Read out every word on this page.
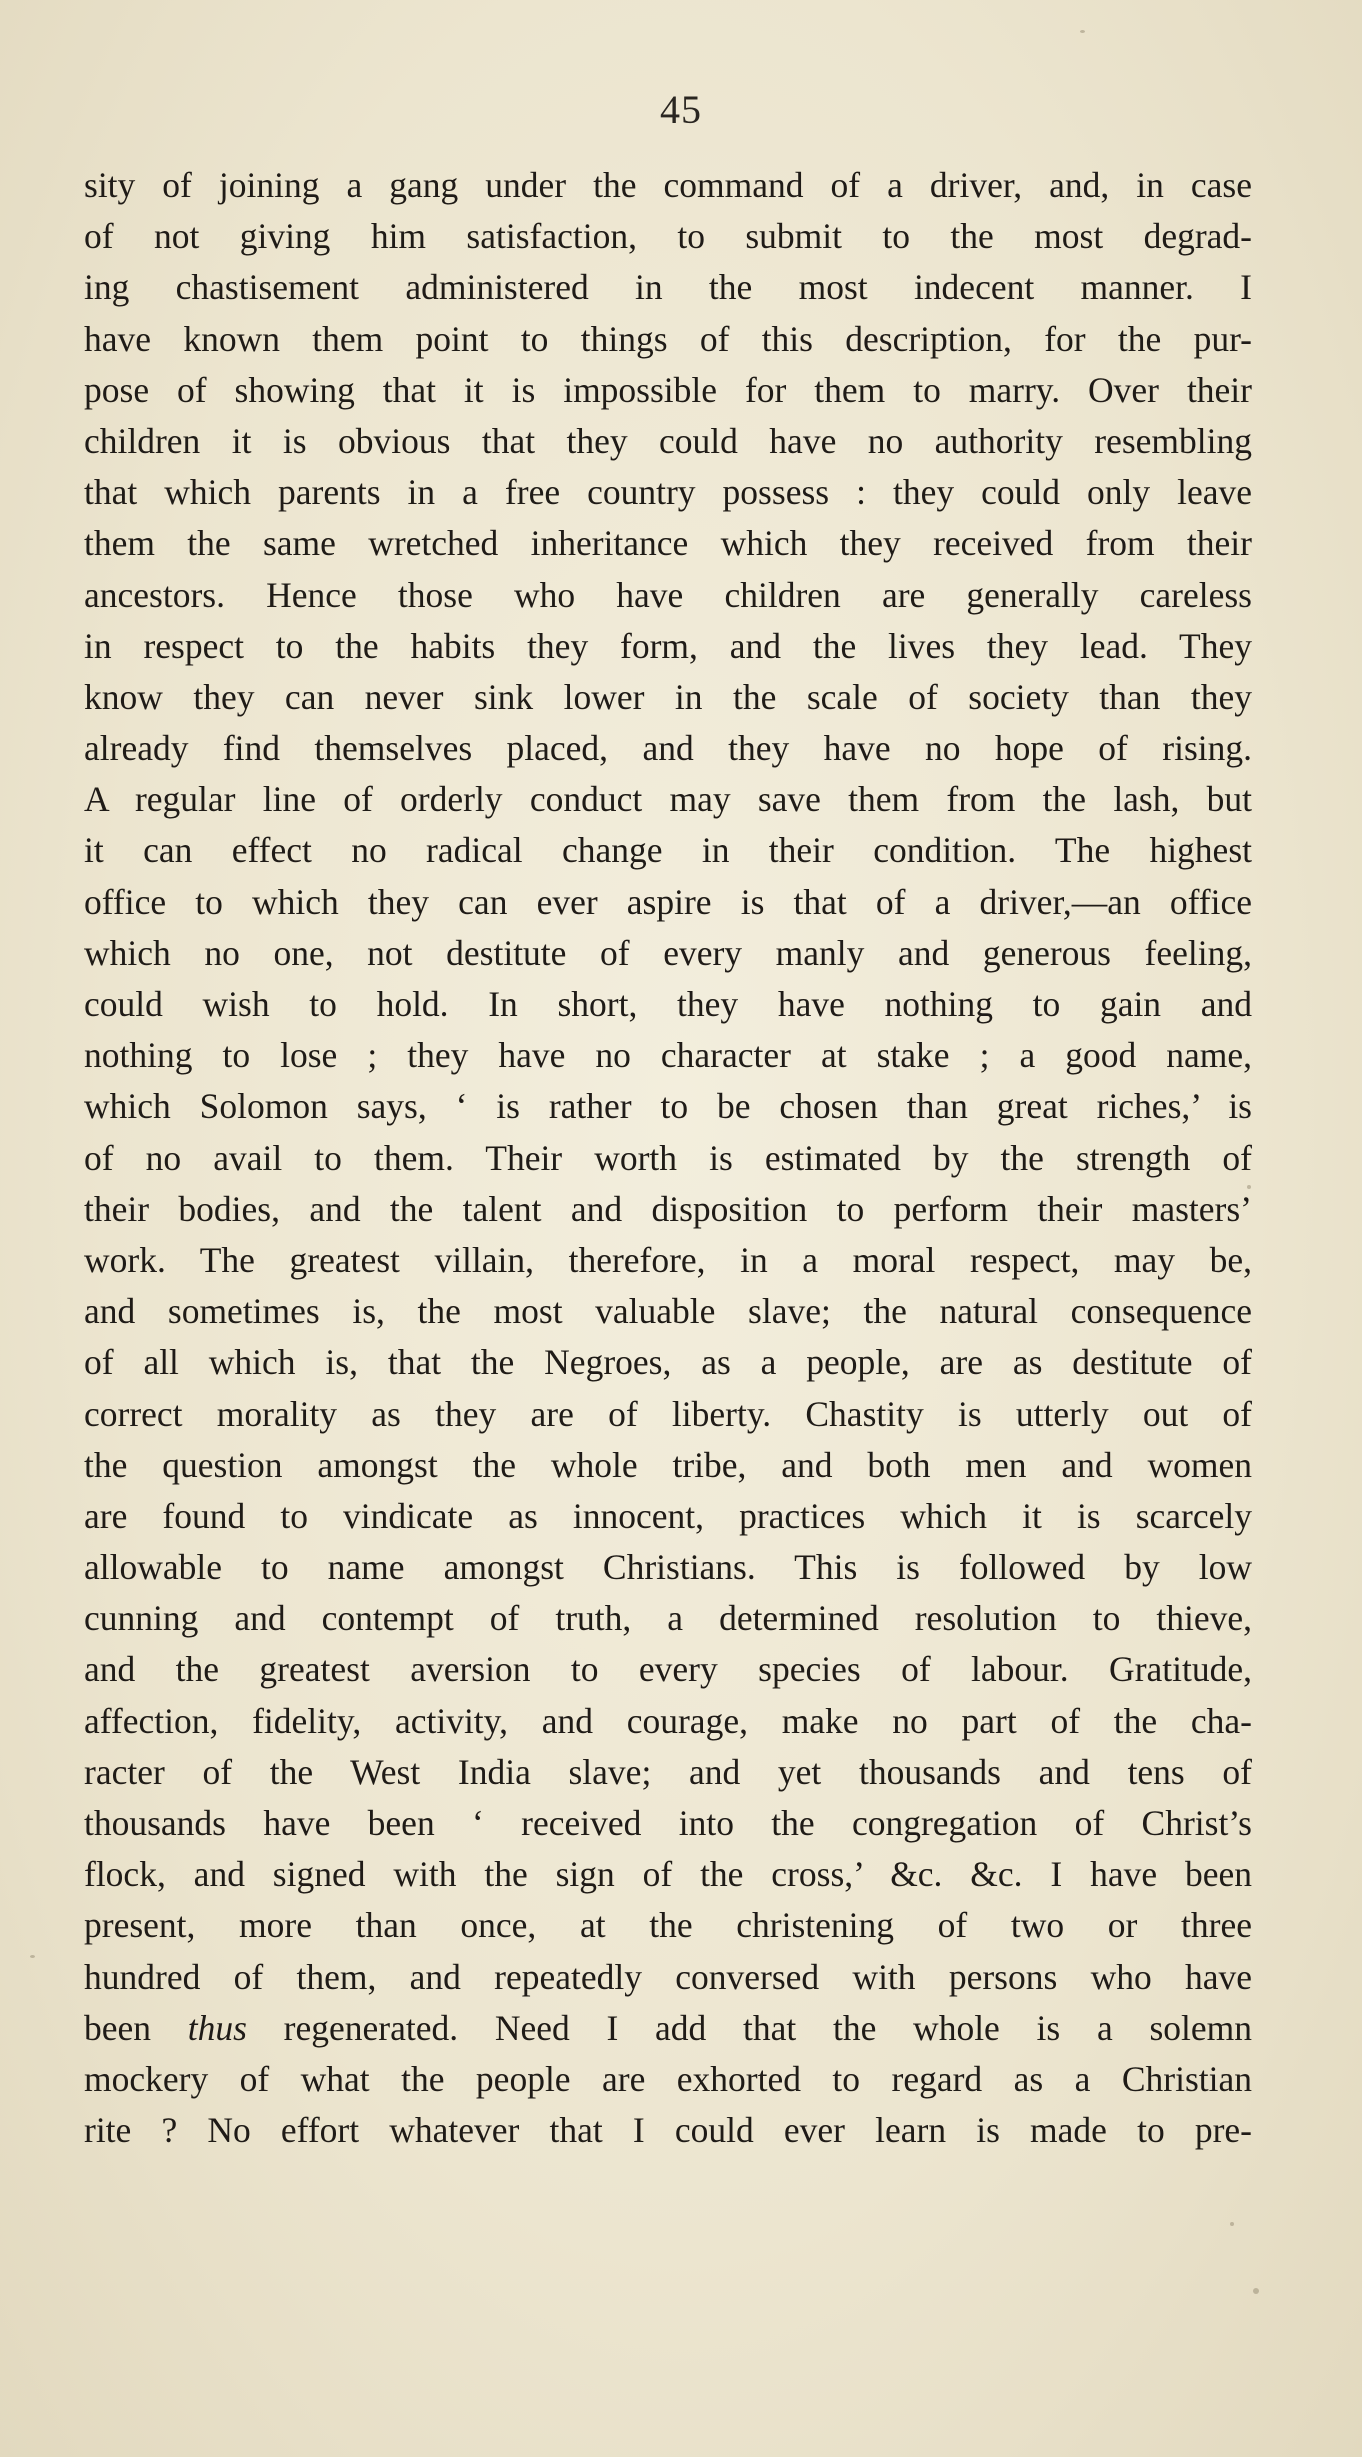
45
sity of joining a gang under the command of a driver, and, in case
of not giving him satisfaction, to submit to the most degrad-
ing chastisement administered in the most indecent manner. I
have known them point to things of this description, for the pur-
pose of showing that it is impossible for them to marry. Over their
children it is obvious that they could have no authority resembling
that which parents in a free country possess : they could only leave
them the same wretched inheritance which they received from their
ancestors. Hence those who have children are generally careless
in respect to the habits they form, and the lives they lead. They
know they can never sink lower in the scale of society than they
already find themselves placed, and they have no hope of rising.
A regular line of orderly conduct may save them from the lash, but
it can effect no radical change in their condition. The highest
office to which they can ever aspire is that of a driver,—an office
which no one, not destitute of every manly and generous feeling,
could wish to hold. In short, they have nothing to gain and
nothing to lose ; they have no character at stake ; a good name,
which Solomon says, ‘ is rather to be chosen than great riches,’ is
of no avail to them. Their worth is estimated by the strength of
their bodies, and the talent and disposition to perform their masters’
work. The greatest villain, therefore, in a moral respect, may be,
and sometimes is, the most valuable slave; the natural consequence
of all which is, that the Negroes, as a people, are as destitute of
correct morality as they are of liberty. Chastity is utterly out of
the question amongst the whole tribe, and both men and women
are found to vindicate as innocent, practices which it is scarcely
allowable to name amongst Christians. This is followed by low
cunning and contempt of truth, a determined resolution to thieve,
and the greatest aversion to every species of labour. Gratitude,
affection, fidelity, activity, and courage, make no part of the cha-
racter of the West India slave; and yet thousands and tens of
thousands have been ‘ received into the congregation of Christ’s
flock, and signed with the sign of the cross,’ &c. &c. I have been
present, more than once, at the christening of two or three
hundred of them, and repeatedly conversed with persons who have
been thus regenerated. Need I add that the whole is a solemn
mockery of what the people are exhorted to regard as a Christian
rite ? No effort whatever that I could ever learn is made to pre-
